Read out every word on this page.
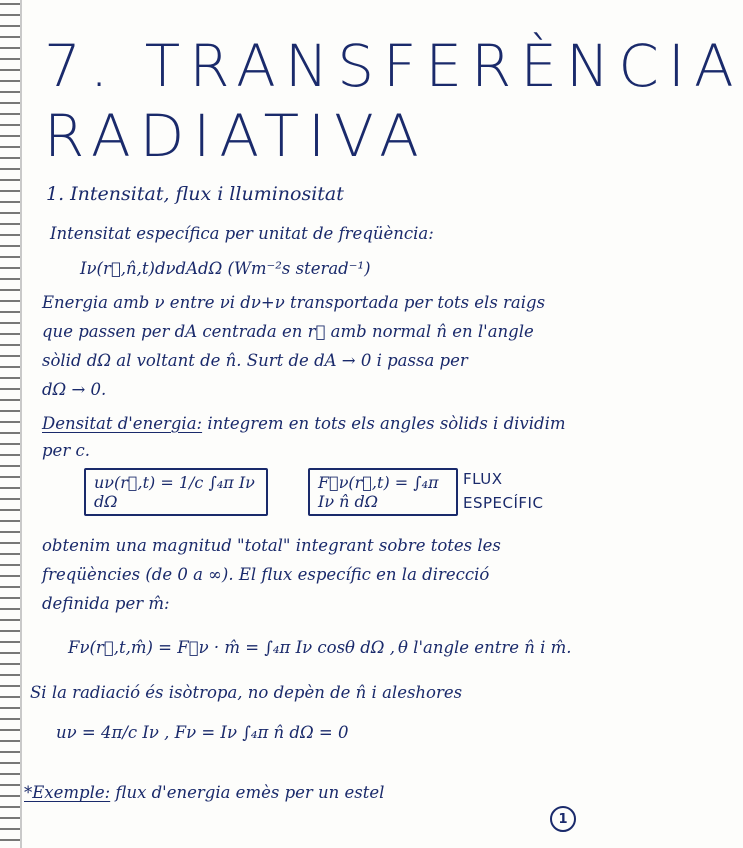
7. TRANSFERÈNCIA
RADIATIVA
1. Intensitat, flux i lluminositat
Intensitat específica per unitat de freqüència:
Iν(r⃗,n̂,t)dνdAdΩ (Wm⁻²s sterad⁻¹)
Energia amb ν entre νi dν+ν transportada per tots els raigs
que passen per dA centrada en r⃗ amb normal n̂ en l'angle
sòlid dΩ al voltant de n̂. Surt de dA → 0 i passa per
dΩ → 0.
Densitat d'energia: integrem en tots els angles sòlids i dividim
per c.
uν(r⃗,t) = 1/c ∫₄π Iν dΩ
F⃗ν(r⃗,t) = ∫₄π Iν n̂ dΩ
FLUX
ESPECÍFIC
obtenim una magnitud "total" integrant sobre totes les
freqüències (de 0 a ∞). El flux específic en la direcció
definida per m̂:
Fν(r⃗,t,m̂) = F⃗ν · m̂ = ∫₄π Iν cosθ dΩ , θ l'angle entre n̂ i m̂.
Si la radiació és isòtropa, no depèn de n̂ i aleshores
uν = 4π/c Iν , Fν = Iν ∫₄π n̂ dΩ = 0
*Exemple: flux d'energia emès per un estel
1
